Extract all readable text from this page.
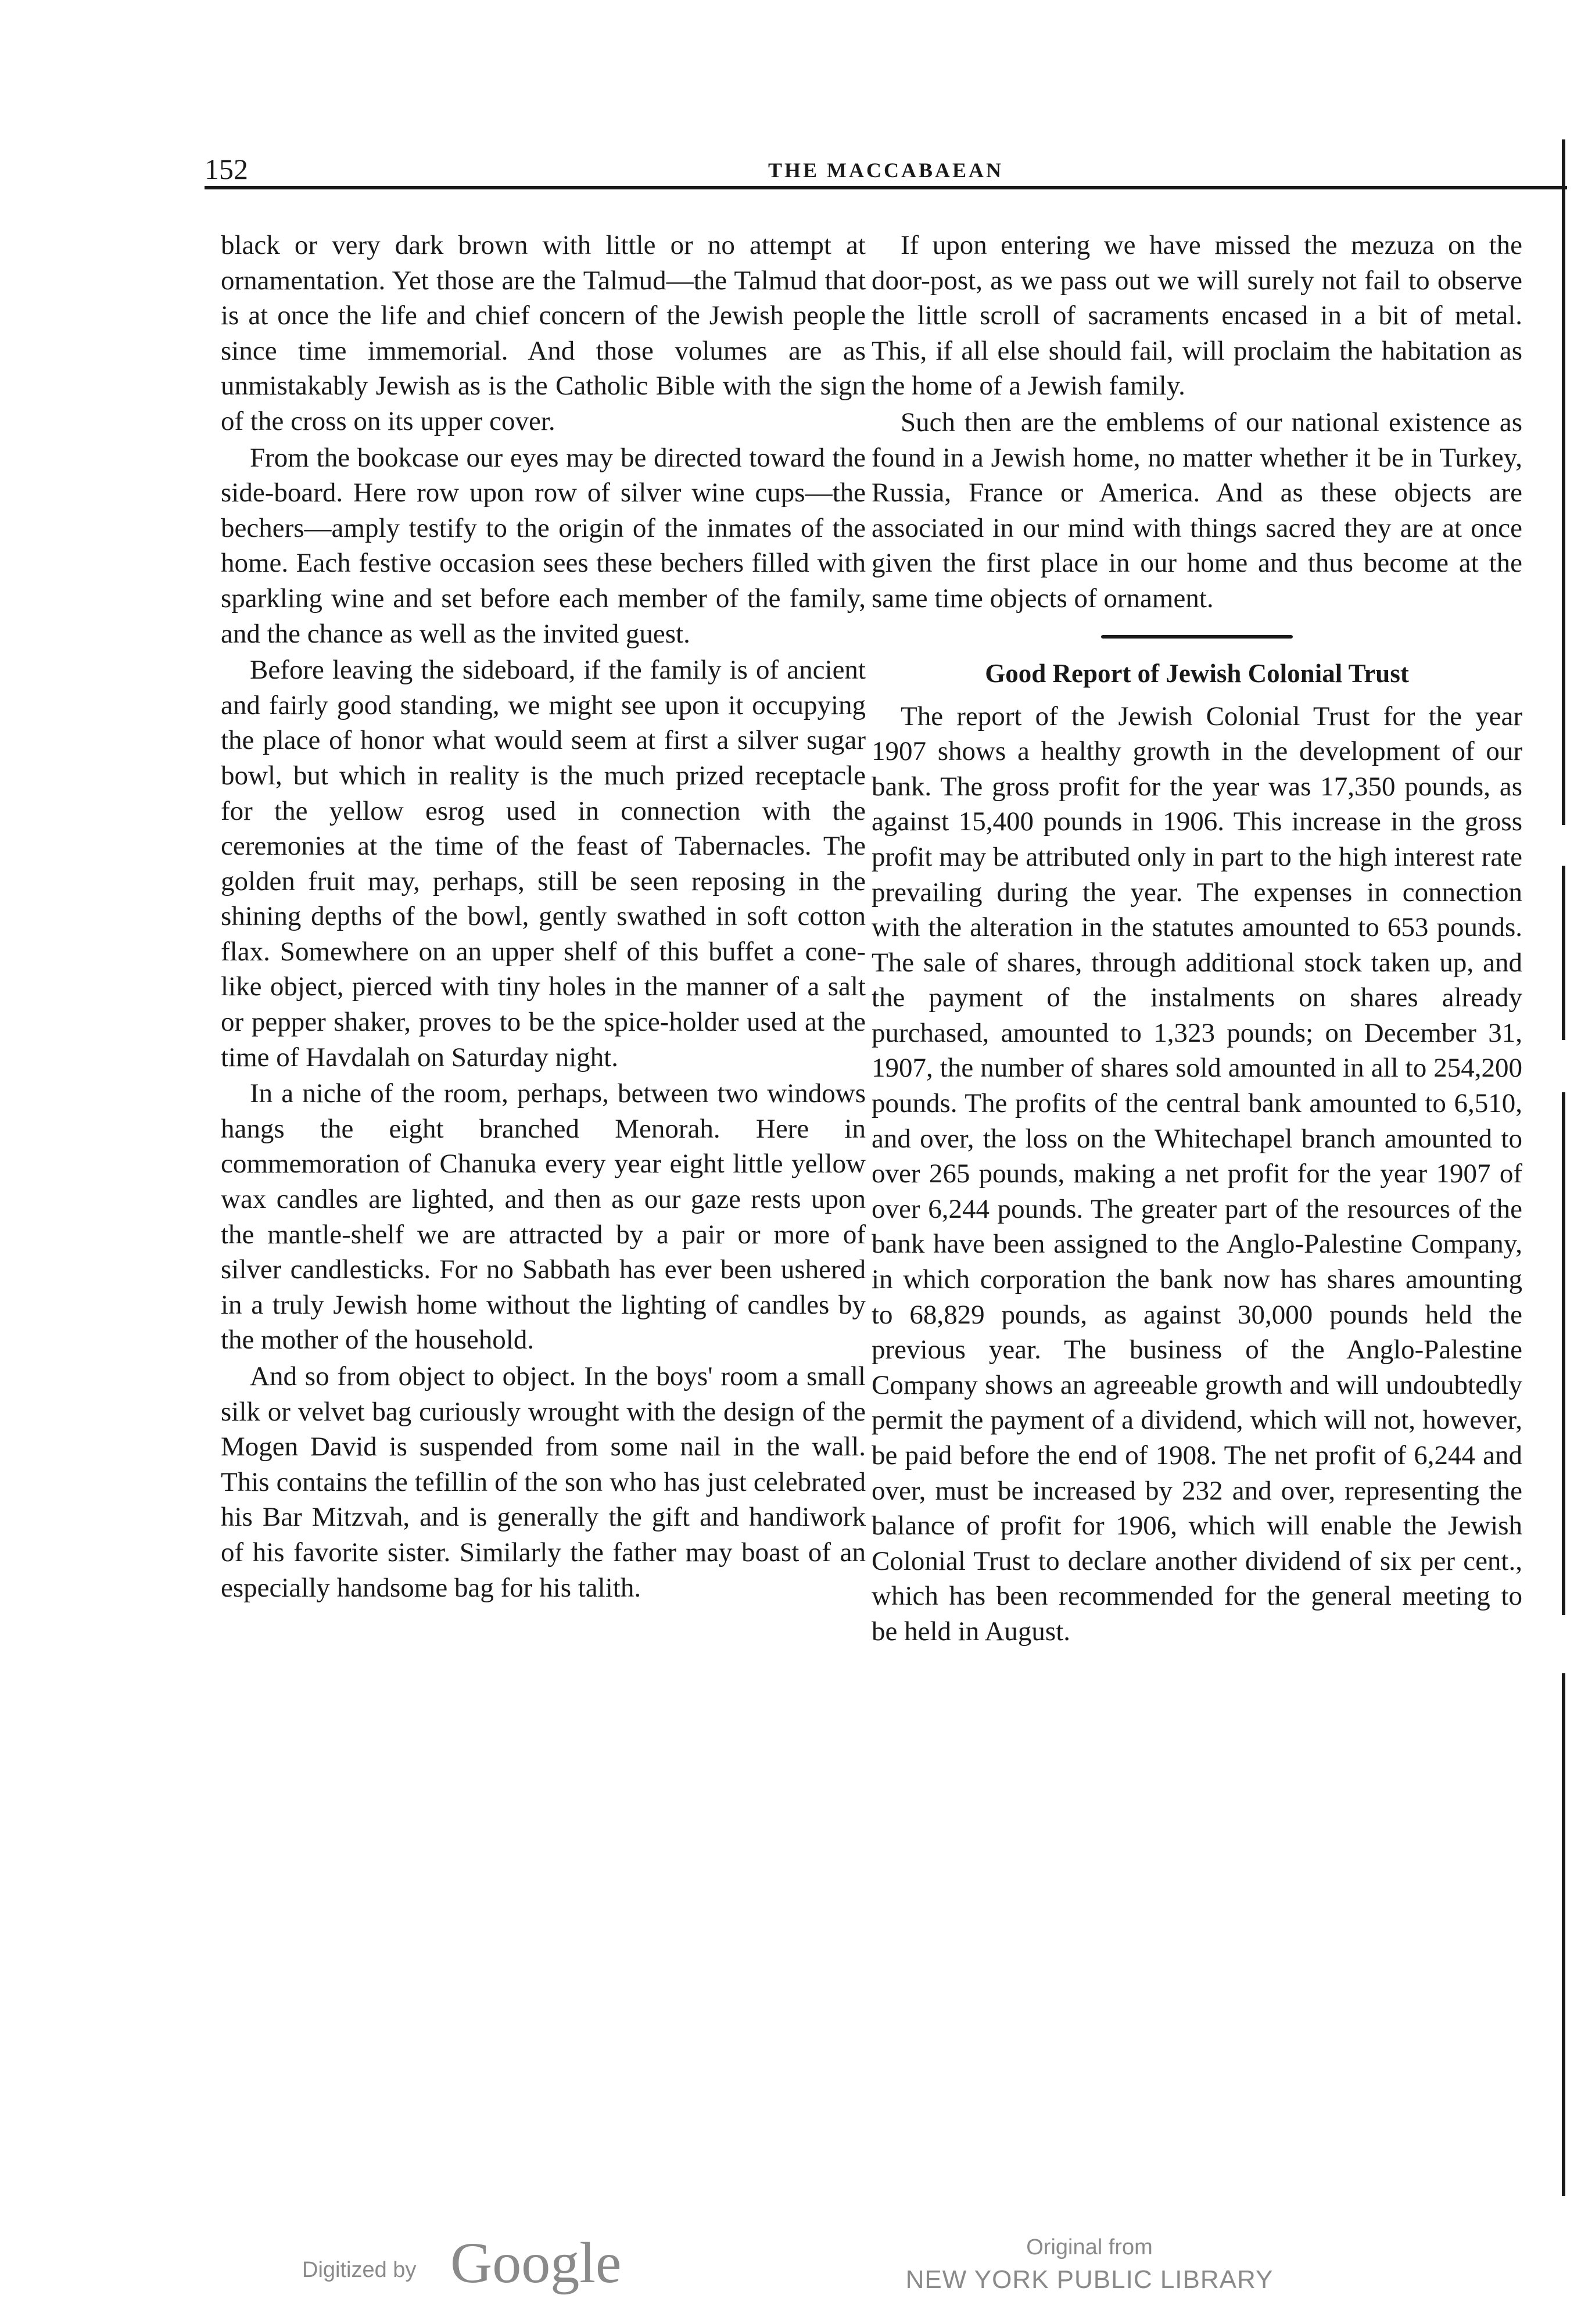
152	THE MACCABAEAN

black or very dark brown with little or no attempt at ornamentation. Yet those are the Talmud—the Talmud that is at once the life and chief concern of the Jewish people since time immemorial. And those volumes are as unmistakably Jewish as is the Catholic Bible with the sign of the cross on its upper cover.

From the bookcase our eyes may be directed toward the side-board. Here row upon row of silver wine cups—the bechers—amply testify to the origin of the inmates of the home. Each festive occasion sees these bechers filled with sparkling wine and set before each member of the family, and the chance as well as the invited guest.

Before leaving the sideboard, if the family is of ancient and fairly good standing, we might see upon it occupying the place of honor what would seem at first a silver sugar bowl, but which in reality is the much prized receptacle for the yellow esrog used in connection with the ceremonies at the time of the feast of Tabernacles. The golden fruit may, perhaps, still be seen reposing in the shining depths of the bowl, gently swathed in soft cotton flax. Somewhere on an upper shelf of this buffet a cone-like object, pierced with tiny holes in the manner of a salt or pepper shaker, proves to be the spice-holder used at the time of Havdalah on Saturday night.

In a niche of the room, perhaps, between two windows hangs the eight branched Menorah. Here in commemoration of Chanuka every year eight little yellow wax candles are lighted, and then as our gaze rests upon the mantle-shelf we are attracted by a pair or more of silver candlesticks. For no Sabbath has ever been ushered in a truly Jewish home without the lighting of candles by the mother of the household.

And so from object to object. In the boys' room a small silk or velvet bag curiously wrought with the design of the Mogen David is suspended from some nail in the wall. This contains the tefillin of the son who has just celebrated his Bar Mitzvah, and is generally the gift and handiwork of his favorite sister. Similarly the father may boast of an especially handsome bag for his talith.

If upon entering we have missed the mezuza on the door-post, as we pass out we will surely not fail to observe the little scroll of sacraments encased in a bit of metal. This, if all else should fail, will proclaim the habitation as the home of a Jewish family.

Such then are the emblems of our national existence as found in a Jewish home, no matter whether it be in Turkey, Russia, France or America. And as these objects are associated in our mind with things sacred they are at once given the first place in our home and thus become at the same time objects of ornament.

Good Report of Jewish Colonial Trust

The report of the Jewish Colonial Trust for the year 1907 shows a healthy growth in the development of our bank. The gross profit for the year was 17,350 pounds, as against 15,400 pounds in 1906. This increase in the gross profit may be attributed only in part to the high interest rate prevailing during the year. The expenses in connection with the alteration in the statutes amounted to 653 pounds. The sale of shares, through additional stock taken up, and the payment of the instalments on shares already purchased, amounted to 1,323 pounds; on December 31, 1907, the number of shares sold amounted in all to 254,200 pounds. The profits of the central bank amounted to 6,510, and over, the loss on the Whitechapel branch amounted to over 265 pounds, making a net profit for the year 1907 of over 6,244 pounds. The greater part of the resources of the bank have been assigned to the Anglo-Palestine Company, in which corporation the bank now has shares amounting to 68,829 pounds, as against 30,000 pounds held the previous year. The business of the Anglo-Palestine Company shows an agreeable growth and will undoubtedly permit the payment of a dividend, which will not, however, be paid before the end of 1908. The net profit of 6,244 and over, must be increased by 232 and over, representing the balance of profit for 1906, which will enable the Jewish Colonial Trust to declare another dividend of six per cent., which has been recommended for the general meeting to be held in August.

Digitized by Google	Original from
NEW YORK PUBLIC LIBRARY
